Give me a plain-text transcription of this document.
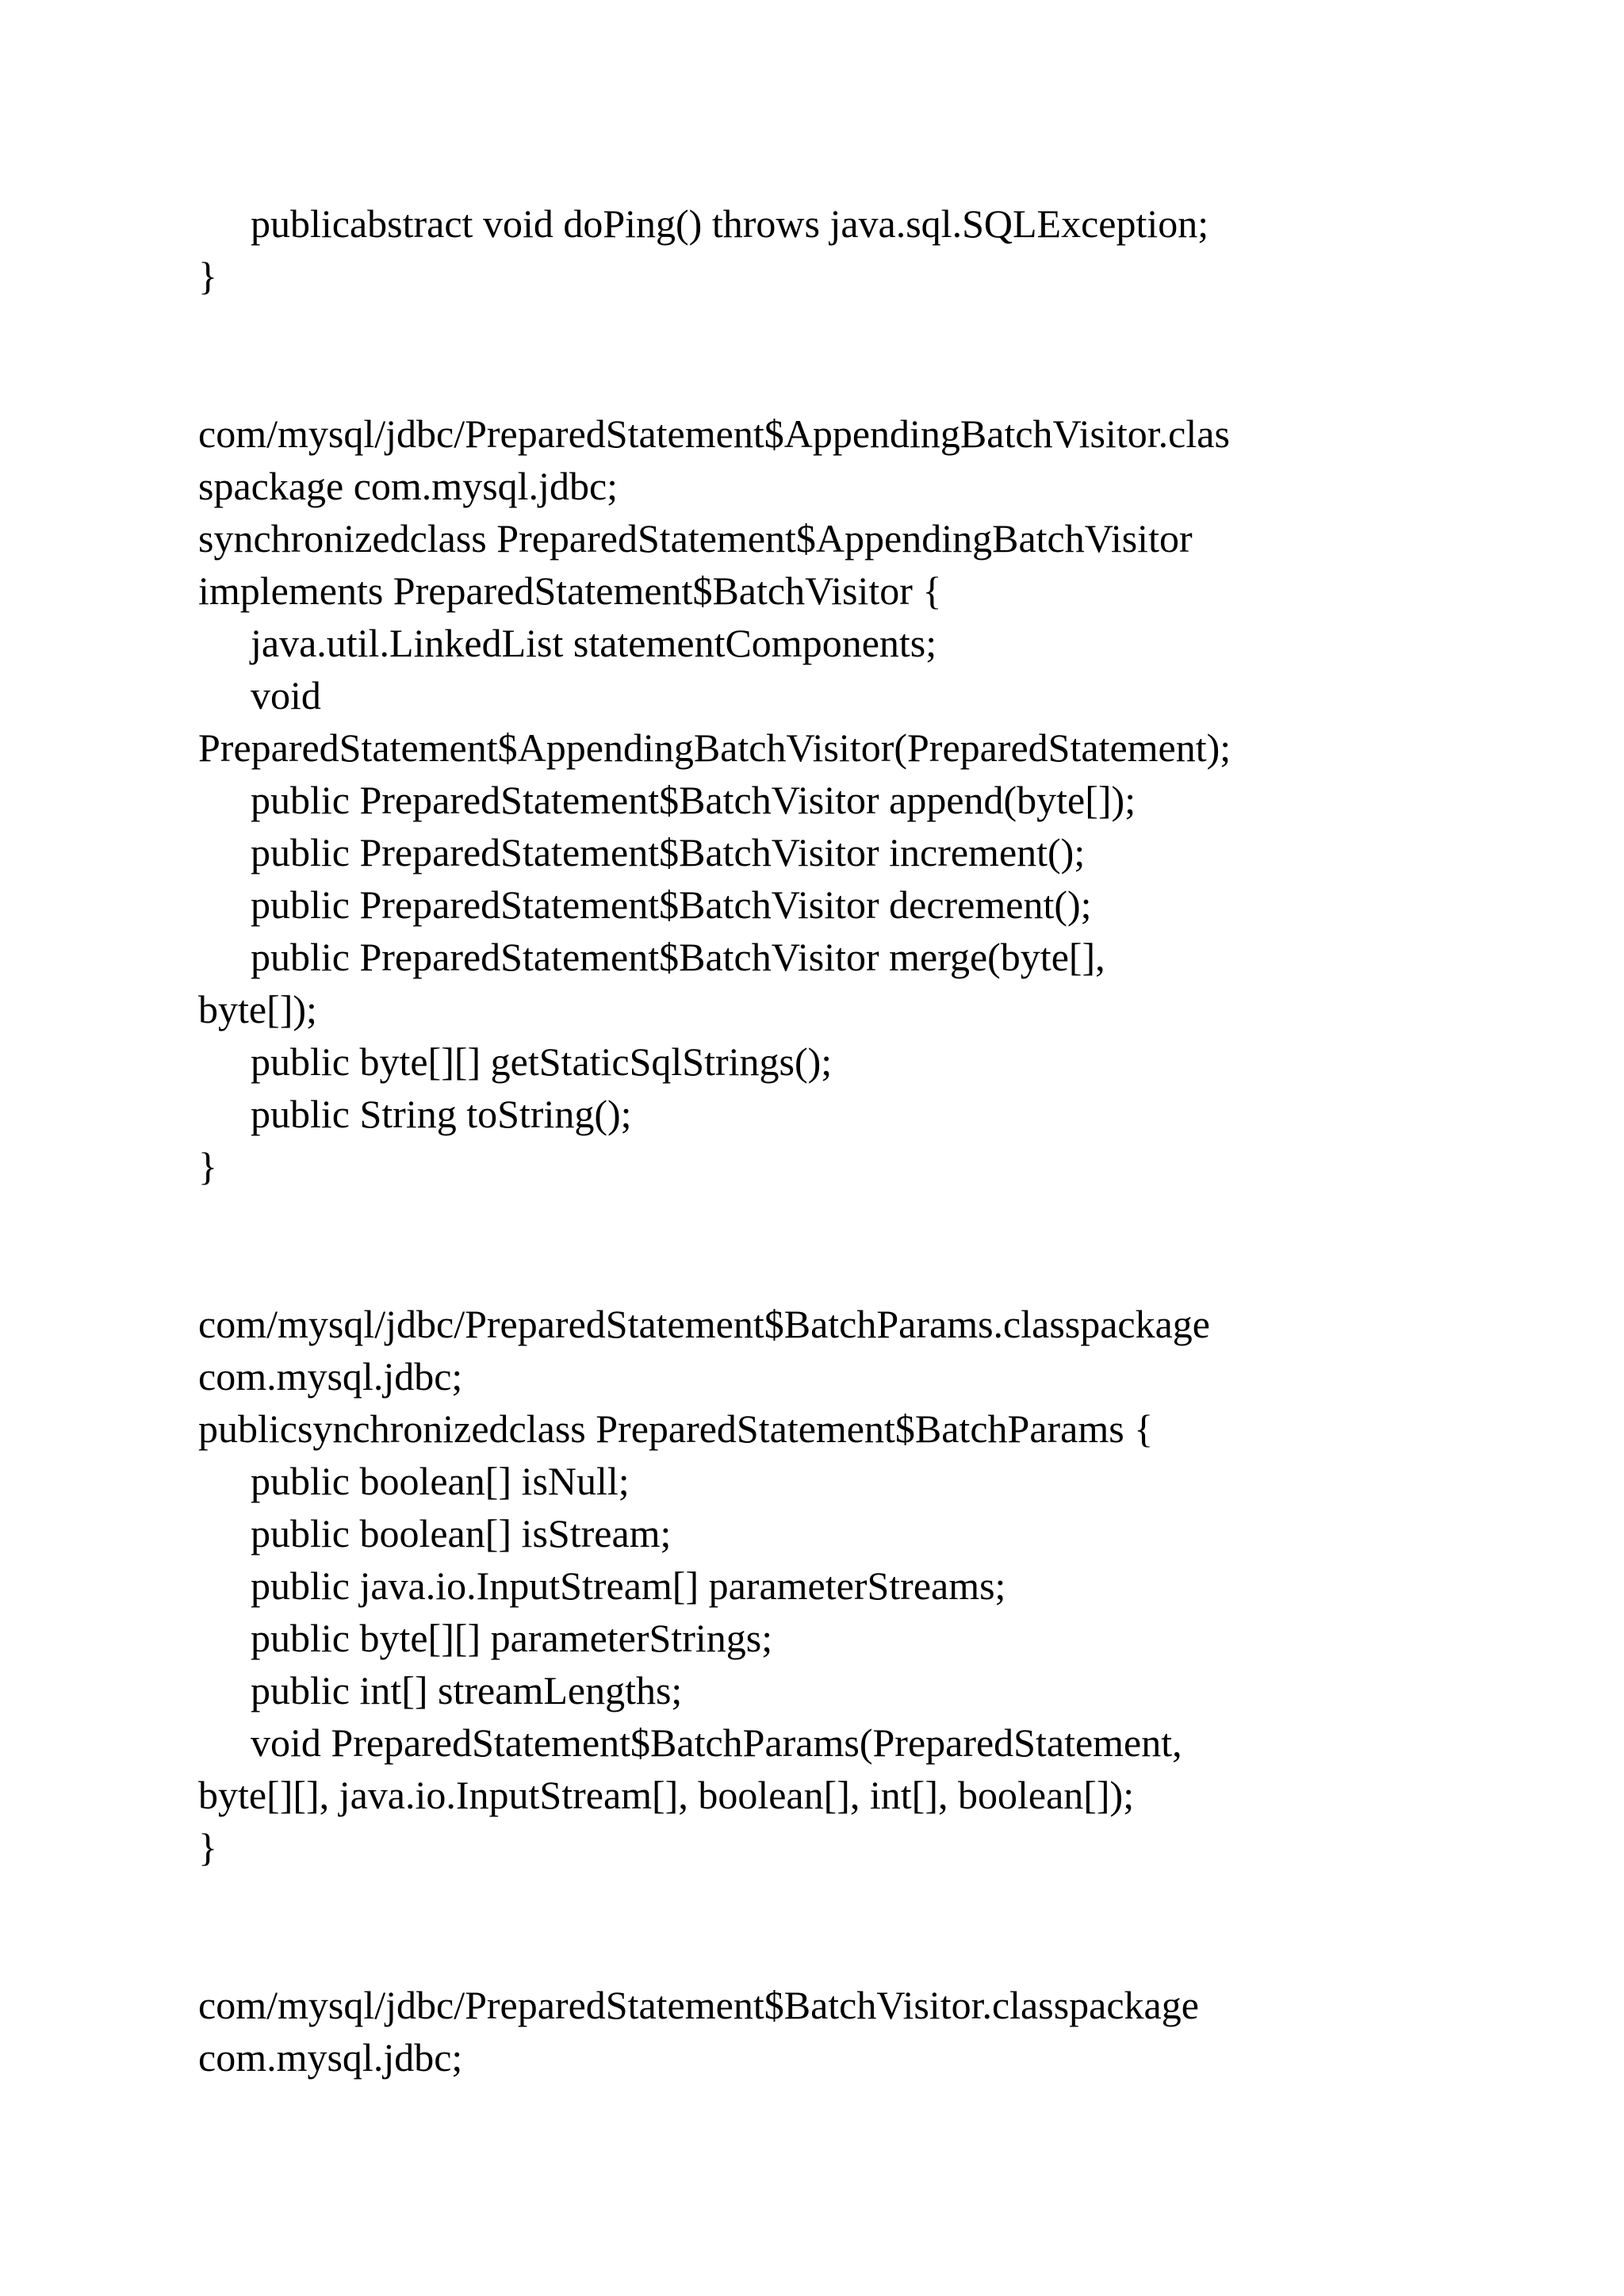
publicabstract void doPing() throws java.sql.SQLException;
}
com/mysql/jdbc/PreparedStatement$AppendingBatchVisitor.clas
spackage com.mysql.jdbc;
synchronizedclass PreparedStatement$AppendingBatchVisitor
implements PreparedStatement$BatchVisitor {
java.util.LinkedList statementComponents;
void
PreparedStatement$AppendingBatchVisitor(PreparedStatement);
public PreparedStatement$BatchVisitor append(byte[]);
public PreparedStatement$BatchVisitor increment();
public PreparedStatement$BatchVisitor decrement();
public PreparedStatement$BatchVisitor merge(byte[],
byte[]);
public byte[][] getStaticSqlStrings();
public String toString();
}
com/mysql/jdbc/PreparedStatement$BatchParams.classpackage
com.mysql.jdbc;
publicsynchronizedclass PreparedStatement$BatchParams {
public boolean[] isNull;
public boolean[] isStream;
public java.io.InputStream[] parameterStreams;
public byte[][] parameterStrings;
public int[] streamLengths;
void PreparedStatement$BatchParams(PreparedStatement,
byte[][], java.io.InputStream[], boolean[], int[], boolean[]);
}
com/mysql/jdbc/PreparedStatement$BatchVisitor.classpackage
com.mysql.jdbc;
